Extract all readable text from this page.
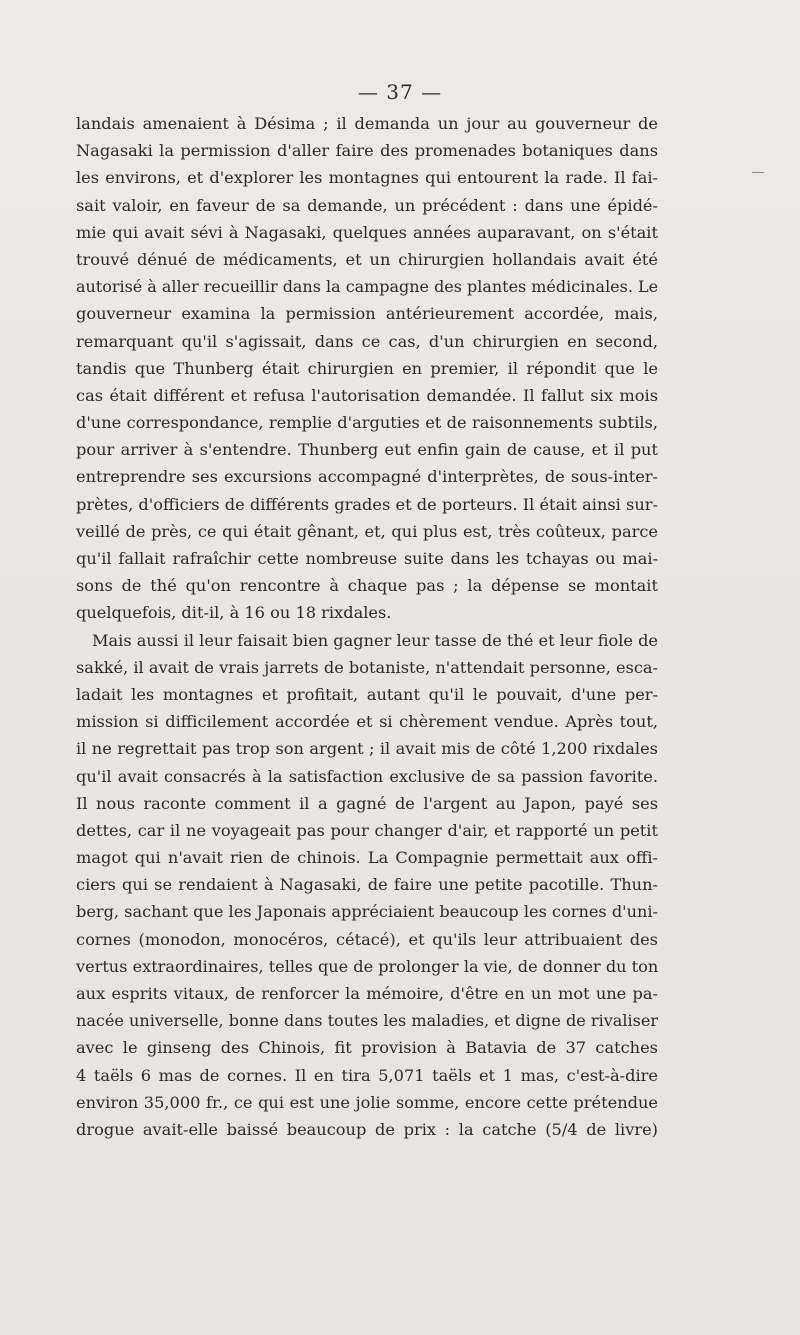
— 37 —
landais amenaient à Désima ; il demanda un jour au gouverneur de
Nagasaki la permission d'aller faire des promenades botaniques dans
les environs, et d'explorer les montagnes qui entourent la rade. Il fai-
sait valoir, en faveur de sa demande, un précédent : dans une épidé-
mie qui avait sévi à Nagasaki, quelques années auparavant, on s'était
trouvé dénué de médicaments, et un chirurgien hollandais avait été
autorisé à aller recueillir dans la campagne des plantes médicinales. Le
gouverneur examina la permission antérieurement accordée, mais,
remarquant qu'il s'agissait, dans ce cas, d'un chirurgien en second,
tandis que Thunberg était chirurgien en premier, il répondit que le
cas était différent et refusa l'autorisation demandée. Il fallut six mois
d'une correspondance, remplie d'arguties et de raisonnements subtils,
pour arriver à s'entendre. Thunberg eut enfin gain de cause, et il put
entreprendre ses excursions accompagné d'interprètes, de sous-inter-
prètes, d'officiers de différents grades et de porteurs. Il était ainsi sur-
veillé de près, ce qui était gênant, et, qui plus est, très coûteux, parce
qu'il fallait rafraîchir cette nombreuse suite dans les tchayas ou mai-
sons de thé qu'on rencontre à chaque pas ; la dépense se montait
quelquefois, dit-il, à 16 ou 18 rixdales.
Mais aussi il leur faisait bien gagner leur tasse de thé et leur fiole de
sakké, il avait de vrais jarrets de botaniste, n'attendait personne, esca-
ladait les montagnes et profitait, autant qu'il le pouvait, d'une per-
mission si difficilement accordée et si chèrement vendue. Après tout,
il ne regrettait pas trop son argent ; il avait mis de côté 1,200 rixdales
qu'il avait consacrés à la satisfaction exclusive de sa passion favorite.
Il nous raconte comment il a gagné de l'argent au Japon, payé ses
dettes, car il ne voyageait pas pour changer d'air, et rapporté un petit
magot qui n'avait rien de chinois. La Compagnie permettait aux offi-
ciers qui se rendaient à Nagasaki, de faire une petite pacotille. Thun-
berg, sachant que les Japonais appréciaient beaucoup les cornes d'uni-
cornes (monodon, monocéros, cétacé), et qu'ils leur attribuaient des
vertus extraordinaires, telles que de prolonger la vie, de donner du ton
aux esprits vitaux, de renforcer la mémoire, d'être en un mot une pa-
nacée universelle, bonne dans toutes les maladies, et digne de rivaliser
avec le ginseng des Chinois, fit provision à Batavia de 37 catches
4 taëls 6 mas de cornes. Il en tira 5,071 taëls et 1 mas, c'est-à-dire
environ 35,000 fr., ce qui est une jolie somme, encore cette prétendue
drogue avait-elle baissé beaucoup de prix : la catche (5/4 de livre)
